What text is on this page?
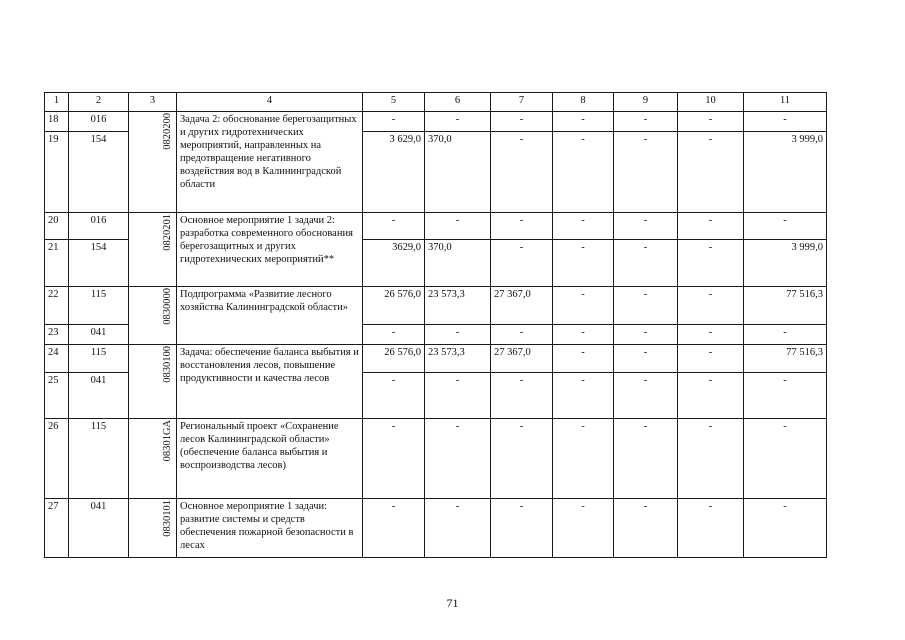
1	2	3	4	5	6	7	8	9	10	11
18	016	0820200	Задача 2: обоснование берегозащитных и других гидротехнических мероприятий, направленных на предотвращение негативного воздействия вод в Калининградской области	-	-	-	-	-	-	-
19	154			3 629,0	370,0	-	-	-	-	3 999,0
20	016	0820201	Основное мероприятие 1 задачи 2: разработка современного обоснования берегозащитных и других гидротехнических мероприятий**	-	-	-	-	-	-	-
21	154			3629,0	370,0	-	-	-	-	3 999,0
22	115	0830000	Подпрограмма «Развитие лесного хозяйства Калининградской области»	26 576,0	23 573,3	27 367,0	-	-	-	77 516,3
23	041			-	-	-	-	-	-	-
24	115	0830100	Задача: обеспечение баланса выбытия и восстановления лесов, повышение продуктивности и качества лесов	26 576,0	23 573,3	27 367,0	-	-	-	77 516,3
25	041			-	-	-	-	-	-	-
26	115	08301GA	Региональный проект «Сохранение лесов Калининградской области» (обеспечение баланса выбытия и воспроизводства лесов)	-	-	-	-	-	-	-
27	041	0830101	Основное мероприятие 1 задачи: развитие системы и средств обеспечения пожарной безопасности в лесах	-	-	-	-	-	-	-
71
